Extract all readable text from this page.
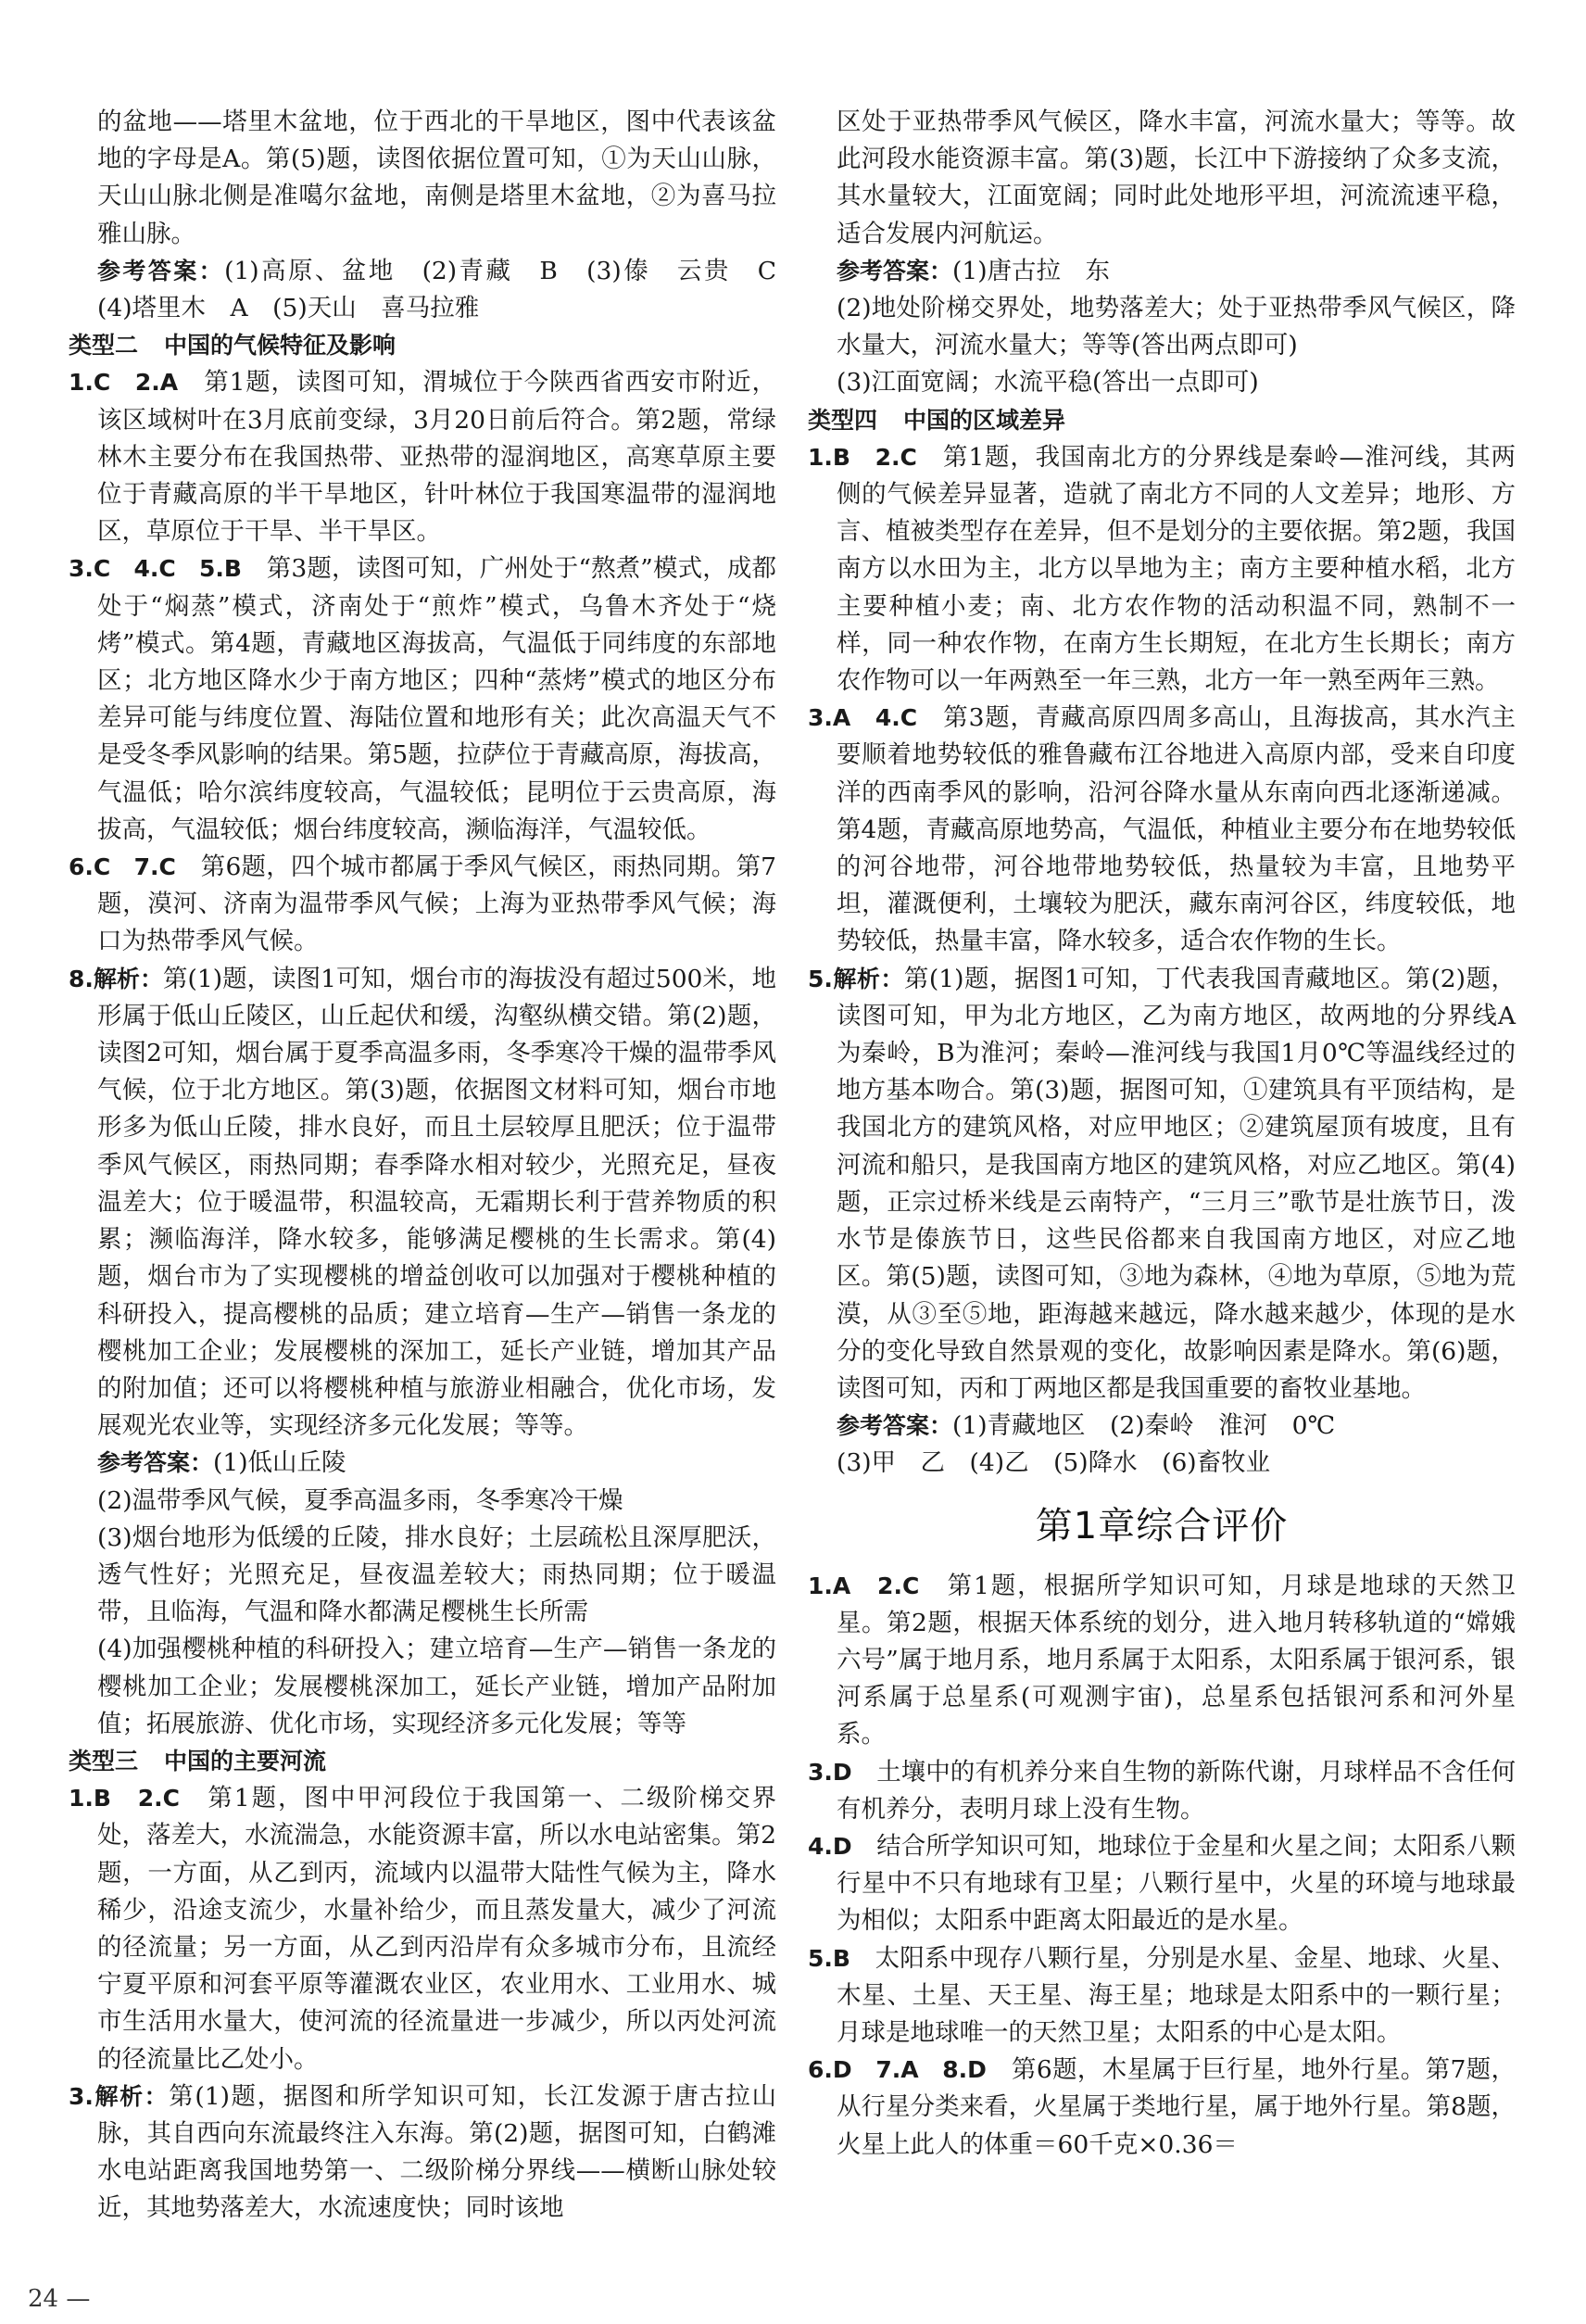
的盆地——塔里木盆地，位于西北的干旱地区，图中代表该盆地的字母是A。第(5)题，读图依据位置可知，①为天山山脉，天山山脉北侧是准噶尔盆地，南侧是塔里木盆地，②为喜马拉雅山脉。

参考答案：(1)高原、盆地　(2)青藏　B　(3)傣　云贵　C　(4)塔里木　A　(5)天山　喜马拉雅

类型二 中国的气候特征及影响

1.C　2.A　 第1题，读图可知，渭城位于今陕西省西安市附近，该区域树叶在3月底前变绿，3月20日前后符合。第2题，常绿林木主要分布在我国热带、亚热带的湿润地区，高寒草原主要位于青藏高原的半干旱地区，针叶林位于我国寒温带的湿润地区，草原位于干旱、半干旱区。

3.C　4.C　5.B　 第3题，读图可知，广州处于“熬煮”模式，成都处于“焖蒸”模式，济南处于“煎炸”模式，乌鲁木齐处于“烧烤”模式。第4题，青藏地区海拔高，气温低于同纬度的东部地区；北方地区降水少于南方地区；四种“蒸烤”模式的地区分布差异可能与纬度位置、海陆位置和地形有关；此次高温天气不是受冬季风影响的结果。第5题，拉萨位于青藏高原，海拔高，气温低；哈尔滨纬度较高，气温较低；昆明位于云贵高原，海拔高，气温较低；烟台纬度较高，濒临海洋，气温较低。

6.C　7.C　 第6题，四个城市都属于季风气候区，雨热同期。第7题，漠河、济南为温带季风气候；上海为亚热带季风气候；海口为热带季风气候。

8.解析：第(1)题，读图1可知，烟台市的海拔没有超过500米，地形属于低山丘陵区，山丘起伏和缓，沟壑纵横交错。第(2)题，读图2可知，烟台属于夏季高温多雨，冬季寒冷干燥的温带季风气候，位于北方地区。第(3)题，依据图文材料可知，烟台市地形多为低山丘陵，排水良好，而且土层较厚且肥沃；位于温带季风气候区，雨热同期；春季降水相对较少，光照充足，昼夜温差大；位于暖温带，积温较高，无霜期长利于营养物质的积累；濒临海洋，降水较多，能够满足樱桃的生长需求。第(4)题，烟台市为了实现樱桃的增益创收可以加强对于樱桃种植的科研投入，提高樱桃的品质；建立培育—生产—销售一条龙的樱桃加工企业；发展樱桃的深加工，延长产业链，增加其产品的附加值；还可以将樱桃种植与旅游业相融合，优化市场，发展观光农业等，实现经济多元化发展；等等。

参考答案：(1)低山丘陵

(2)温带季风气候，夏季高温多雨，冬季寒冷干燥

(3)烟台地形为低缓的丘陵，排水良好；土层疏松且深厚肥沃，透气性好；光照充足，昼夜温差较大；雨热同期；位于暖温带，且临海，气温和降水都满足樱桃生长所需

(4)加强樱桃种植的科研投入；建立培育—生产—销售一条龙的樱桃加工企业；发展樱桃深加工，延长产业链，增加产品附加值；拓展旅游、优化市场，实现经济多元化发展；等等

类型三 中国的主要河流

1.B　2.C　 第1题，图中甲河段位于我国第一、二级阶梯交界处，落差大，水流湍急，水能资源丰富，所以水电站密集。第2题，一方面，从乙到丙，流域内以温带大陆性气候为主，降水稀少，沿途支流少，水量补给少，而且蒸发量大，减少了河流的径流量；另一方面，从乙到丙沿岸有众多城市分布，且流经宁夏平原和河套平原等灌溉农业区，农业用水、工业用水、城市生活用水量大，使河流的径流量进一步减少，所以丙处河流的径流量比乙处小。

3.解析：第(1)题，据图和所学知识可知，长江发源于唐古拉山脉，其自西向东流最终注入东海。第(2)题，据图可知，白鹤滩水电站距离我国地势第一、二级阶梯分界线——横断山脉处较近，其地势落差大，水流速度快；同时该地

区处于亚热带季风气候区，降水丰富，河流水量大；等等。故此河段水能资源丰富。第(3)题，长江中下游接纳了众多支流，其水量较大，江面宽阔；同时此处地形平坦，河流流速平稳，适合发展内河航运。

参考答案：(1)唐古拉　东

(2)地处阶梯交界处，地势落差大；处于亚热带季风气候区，降水量大，河流水量大；等等(答出两点即可)

(3)江面宽阔；水流平稳(答出一点即可)

类型四 中国的区域差异

1.B　2.C　 第1题，我国南北方的分界线是秦岭—淮河线，其两侧的气候差异显著，造就了南北方不同的人文差异；地形、方言、植被类型存在差异，但不是划分的主要依据。第2题，我国南方以水田为主，北方以旱地为主；南方主要种植水稻，北方主要种植小麦；南、北方农作物的活动积温不同，熟制不一样，同一种农作物，在南方生长期短，在北方生长期长；南方农作物可以一年两熟至一年三熟，北方一年一熟至两年三熟。

3.A　4.C　 第3题，青藏高原四周多高山，且海拔高，其水汽主要顺着地势较低的雅鲁藏布江谷地进入高原内部，受来自印度洋的西南季风的影响，沿河谷降水量从东南向西北逐渐递减。第4题，青藏高原地势高，气温低，种植业主要分布在地势较低的河谷地带，河谷地带地势较低，热量较为丰富，且地势平坦，灌溉便利，土壤较为肥沃，藏东南河谷区，纬度较低，地势较低，热量丰富，降水较多，适合农作物的生长。

5.解析：第(1)题，据图1可知，丁代表我国青藏地区。第(2)题，读图可知，甲为北方地区，乙为南方地区，故两地的分界线A为秦岭，B为淮河；秦岭—淮河线与我国1月0℃等温线经过的地方基本吻合。第(3)题，据图可知，①建筑具有平顶结构，是我国北方的建筑风格，对应甲地区；②建筑屋顶有坡度，且有河流和船只，是我国南方地区的建筑风格，对应乙地区。第(4)题，正宗过桥米线是云南特产，“三月三”歌节是壮族节日，泼水节是傣族节日，这些民俗都来自我国南方地区，对应乙地区。第(5)题，读图可知，③地为森林，④地为草原，⑤地为荒漠，从③至⑤地，距海越来越远，降水越来越少，体现的是水分的变化导致自然景观的变化，故影响因素是降水。第(6)题，读图可知，丙和丁两地区都是我国重要的畜牧业基地。

参考答案：(1)青藏地区　(2)秦岭　淮河　0℃

(3)甲　乙　(4)乙　(5)降水　(6)畜牧业

第1章综合评价

1.A　2.C　 第1题，根据所学知识可知，月球是地球的天然卫星。第2题，根据天体系统的划分，进入地月转移轨道的“嫦娥六号”属于地月系，地月系属于太阳系，太阳系属于银河系，银河系属于总星系(可观测宇宙)，总星系包括银河系和河外星系。

3.D　 土壤中的有机养分来自生物的新陈代谢，月球样品不含任何有机养分，表明月球上没有生物。

4.D　 结合所学知识可知，地球位于金星和火星之间；太阳系八颗行星中不只有地球有卫星；八颗行星中，火星的环境与地球最为相似；太阳系中距离太阳最近的是水星。

5.B　 太阳系中现存八颗行星，分别是水星、金星、地球、火星、木星、土星、天王星、海王星；地球是太阳系中的一颗行星；月球是地球唯一的天然卫星；太阳系的中心是太阳。

6.D　7.A　8.D　 第6题，木星属于巨行星，地外行星。第7题，从行星分类来看，火星属于类地行星，属于地外行星。第8题，火星上此人的体重＝60千克×0.36＝

24 —
